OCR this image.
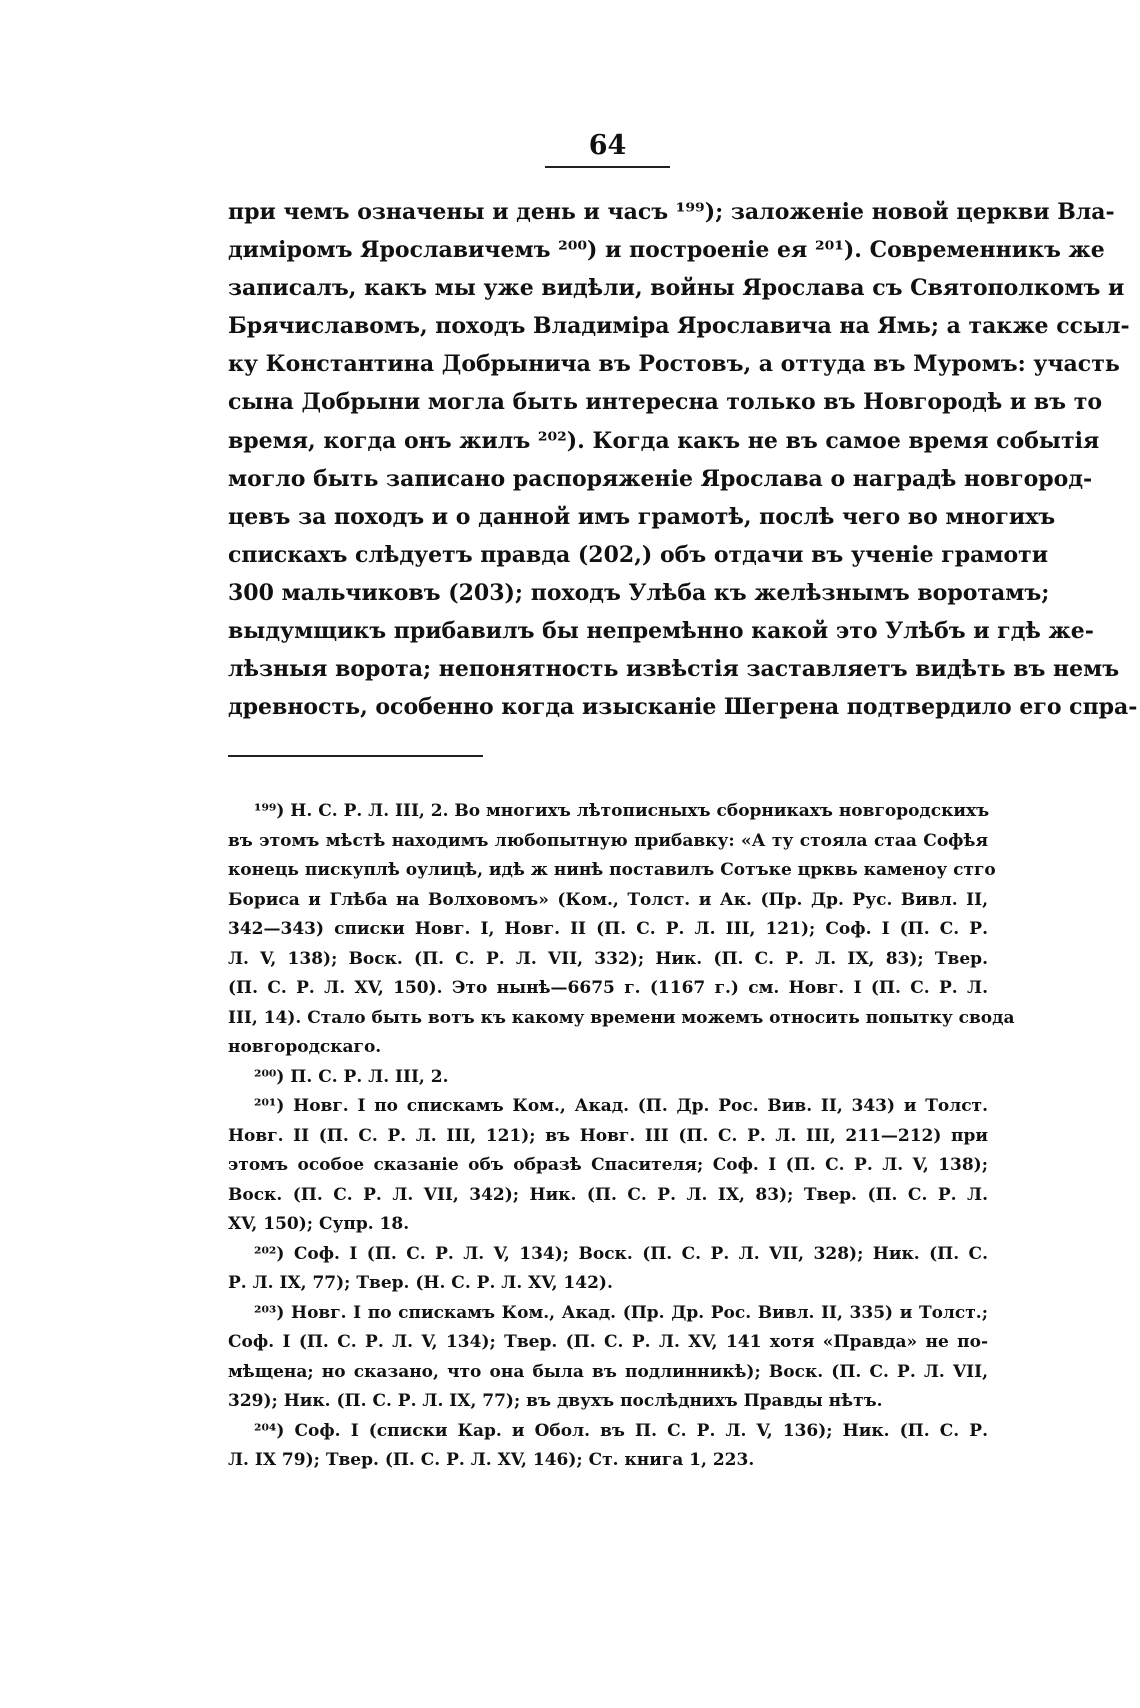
64
при чемъ означены и день и часъ ¹⁹⁹); заложеніе новой церкви Вла-
диміромъ Ярославичемъ ²⁰⁰) и построеніе ея ²⁰¹). Современникъ же
записалъ, какъ мы уже видѣли, войны Ярослава съ Святополкомъ и
Брячиславомъ, походъ Владиміра Ярославича на Ямь; а также ссыл-
ку Константина Добрынича въ Ростовъ, а оттуда въ Муромъ: участь
сына Добрыни могла быть интересна только въ Новгородѣ и въ то
время, когда онъ жилъ ²⁰²). Когда какъ не въ самое время событія
могло быть записано распоряженіе Ярослава о наградѣ новгород-
цевъ за походъ и о данной имъ грамотѣ, послѣ чего во многихъ
спискахъ слѣдуетъ правда (202,) объ отдачи въ ученіе грамоти
300 мальчиковъ (203); походъ Улѣба къ желѣзнымъ воротамъ;
выдумщикъ прибавилъ бы непремѣнно какой это Улѣбъ и гдѣ же-
лѣзныя ворота; непонятность извѣстія заставляетъ видѣть въ немъ
древность, особенно когда изысканіе Шегрена подтвердило его спра-
¹⁹⁹) Н. С. Р. Л. III, 2. Во многихъ лѣтописныхъ сборникахъ новгородскихъ
въ этомъ мѣстѣ находимъ любопытную прибавку: «А ту стояла стаа Софѣя
конець пискуплѣ оулицѣ, идѣ ж нинѣ поставилъ Сотъке црквь каменоу стго
Бориса и Глѣба на Волховомъ» (Ком., Толст. и Ак. (Пр. Др. Рус. Вивл. II,
342—343) списки Новг. I, Новг. II (П. С. Р. Л. III, 121); Соф. I (П. С. Р.
Л. V, 138); Воск. (П. С. Р. Л. VII, 332); Ник. (П. С. Р. Л. IX, 83); Твер.
(П. С. Р. Л. XV, 150). Это нынѣ—6675 г. (1167 г.) см. Новг. I (П. С. Р. Л.
III, 14). Стало быть вотъ къ какому времени можемъ относить попытку свода
новгородскаго.
²⁰⁰) П. С. Р. Л. III, 2.
²⁰¹) Новг. I по спискамъ Ком., Акад. (П. Др. Рос. Вив. II, 343) и Толст.
Новг. II (П. С. Р. Л. III, 121); въ Новг. III (П. С. Р. Л. III, 211—212) при
этомъ особое сказаніе объ образѣ Спасителя; Соф. I (П. С. Р. Л. V, 138);
Воск. (П. С. Р. Л. VII, 342); Ник. (П. С. Р. Л. IX, 83); Твер. (П. С. Р. Л.
XV, 150); Супр. 18.
²⁰²) Соф. I (П. С. Р. Л. V, 134); Воск. (П. С. Р. Л. VII, 328); Ник. (П. С.
Р. Л. IX, 77); Твер. (Н. С. Р. Л. XV, 142).
²⁰³) Новг. I по спискамъ Ком., Акад. (Пр. Др. Рос. Вивл. II, 335) и Толст.;
Соф. I (П. С. Р. Л. V, 134); Твер. (П. С. Р. Л. XV, 141 хотя «Правда» не по-
мѣщена; но сказано, что она была въ подлинникѣ); Воск. (П. С. Р. Л. VII,
329); Ник. (П. С. Р. Л. IX, 77); въ двухъ послѣднихъ Правды нѣтъ.
²⁰⁴) Соф. I (списки Кар. и Обол. въ П. С. Р. Л. V, 136); Ник. (П. С. Р.
Л. IX 79); Твер. (П. С. Р. Л. XV, 146); Ст. книга 1, 223.
